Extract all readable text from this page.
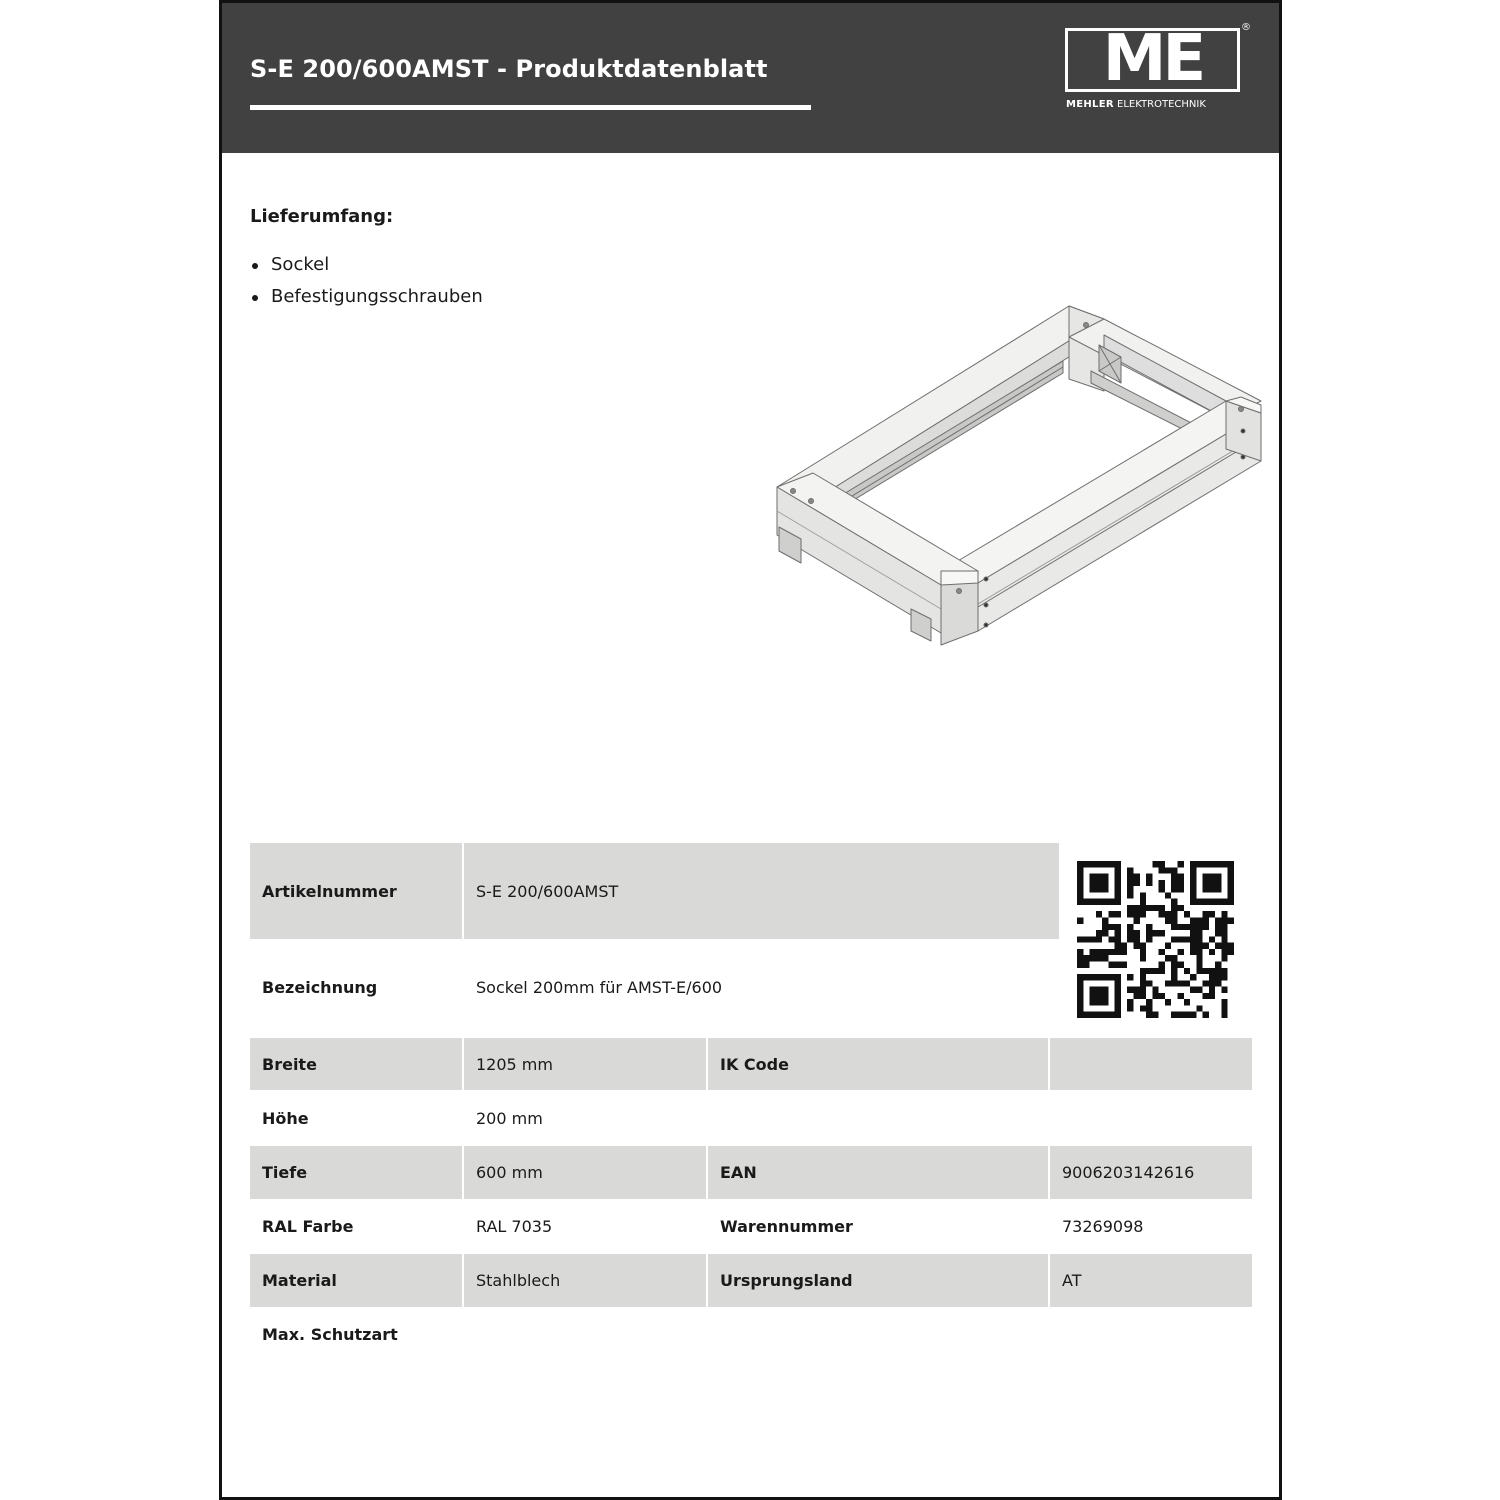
S-E 200/600AMST - Produktdatenblatt	ME	®
MEHLER ELEKTROTECHNIK
Lieferumfang:
Sockel
Befestigungsschrauben
Artikelnummer	S-E 200/600AMST
Bezeichnung	Sockel 200mm für AMST-E/600
Breite	1205 mm	IK Code
Höhe	200 mm
Tiefe	600 mm	EAN	9006203142616
RAL Farbe	RAL 7035	Warennummer	73269098
Material	Stahlblech	Ursprungsland	AT
Max. Schutzart
